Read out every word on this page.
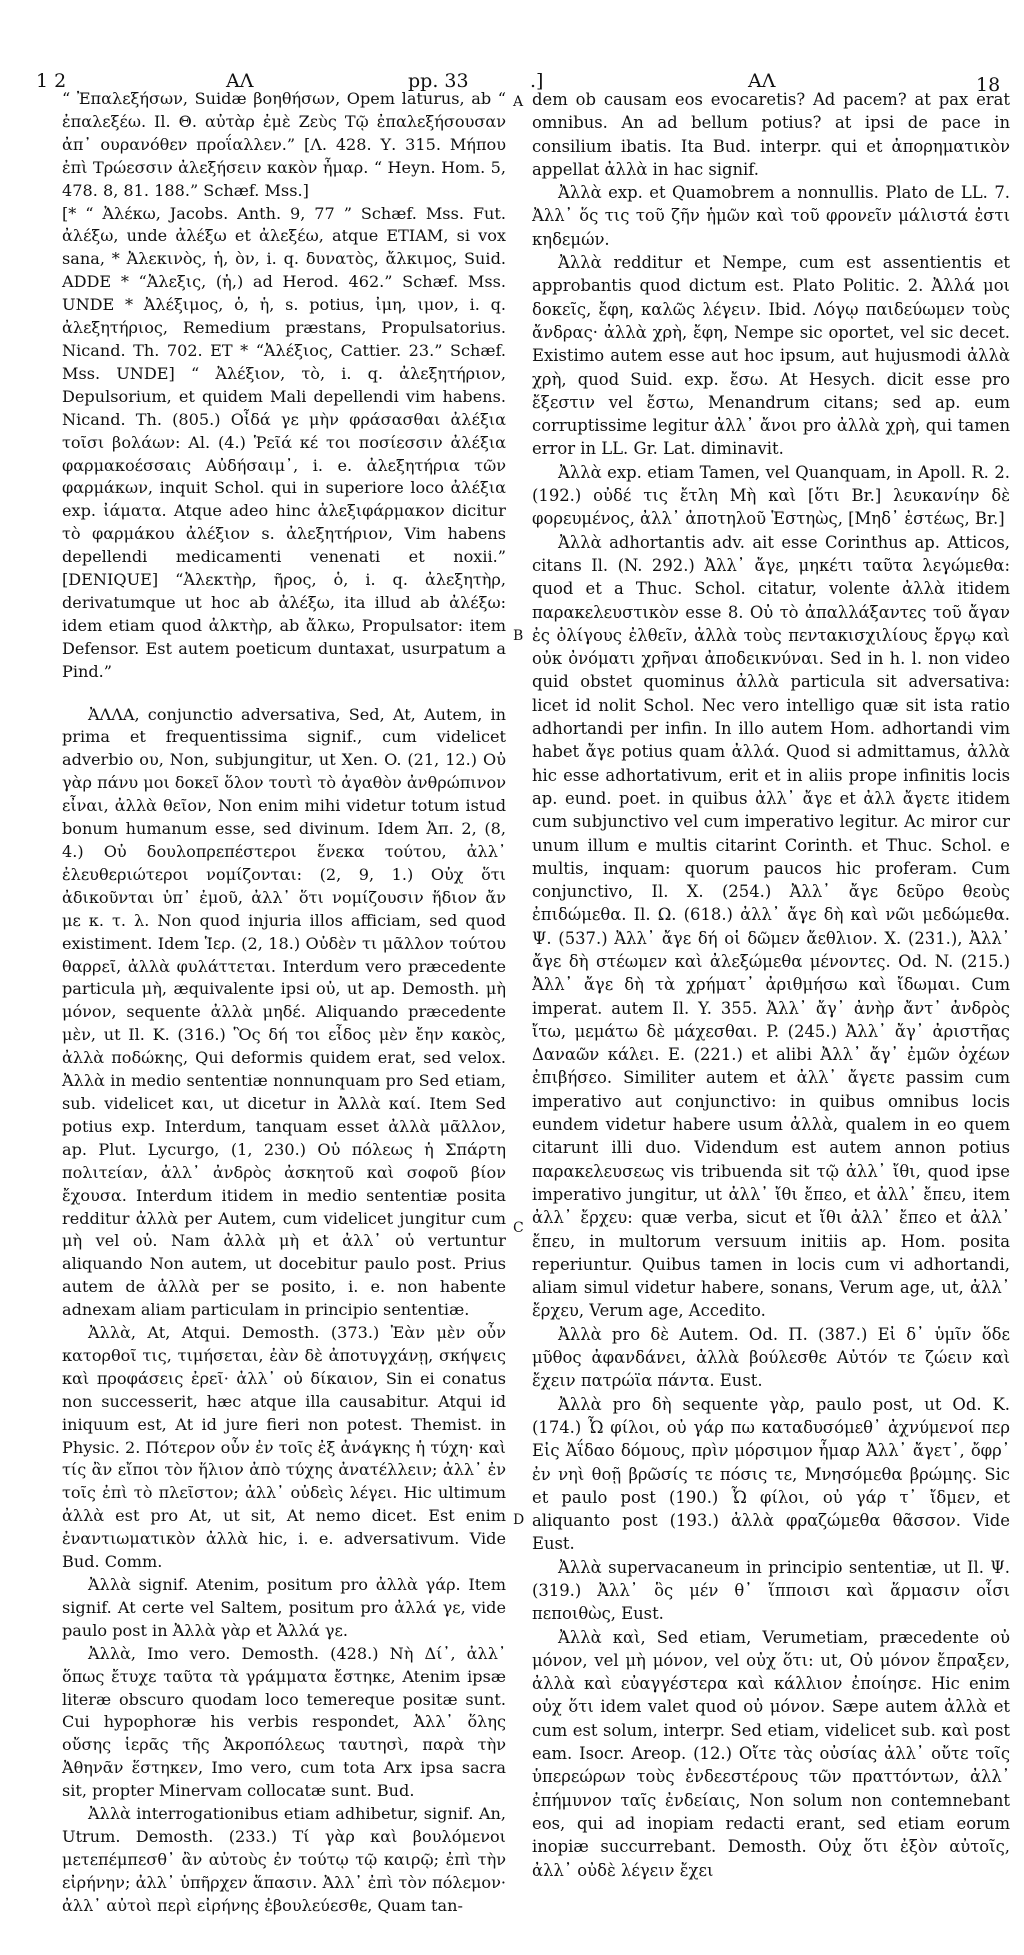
1 2	ΑΛ	pp. 33	.]	ΑΛ	18
A
B
C
D

“ Ἐπαλεξήσων, Suidæ βοηθήσων, Opem laturus, ab “ ἐπαλεξέω. Il. Θ. αὐτὰρ ἐμὲ Ζεὺς Τῷ ἐπαλεξήσουσαν ἀπ᾿ ουρανόθεν προΐαλλεν.” [Λ. 428. Υ. 315. Μήπου ἐπὶ Τρώεσσιν ἀλεξήσειν κακὸν ἦμαρ. “ Heyn. Hom. 5, 478. 8, 81. 188.” Schæf. Mss.]

[* “ Ἀλέκω, Jacobs. Anth. 9, 77 ” Schæf. Mss. Fut. ἀλέξω, unde ἀλέξω et ἀλεξέω, atque ETIAM, si vox sana, * Ἀλεκινὸς, ἡ, ὸν, i. q. δυνατὸς, ἄλκιμος, Suid. ADDE * “Ἀλεξις, (ἡ,) ad Herod. 462.” Schæf. Mss. UNDE * Ἀλέξιμος, ὁ, ἡ, s. potius, ἰμη, ιμον, i. q. ἀλεξητήριος, Remedium præstans, Propulsatorius. Nicand. Th. 702. ET * “Ἀλέξιος, Cattier. 23.” Schæf. Mss. UNDE] “ Ἀλέξιον, τὸ, i. q. ἀλεξητήριον, Depulsorium, et quidem Mali depellendi vim habens. Nicand. Th. (805.) Οἶδά γε μὴν φράσασθαι ἀλέξια τοῖσι βολάων: Al. (4.) Ῥεῖά κέ τοι ποσίεσσιν ἀλέξια φαρμακοέσσαις Αὐδήσαιμ᾿, i. e. ἀλεξητήρια τῶν φαρμάκων, inquit Schol. qui in superiore loco ἀλέξια exp. ἰάματα. Atque adeo hinc ἀλεξιφάρμακον dicitur τὸ φαρμάκου ἀλέξιον s. ἀλεξητήριον, Vim habens depellendi medicamenti venenati et noxii.” [DENIQUE] “Ἀλεκτὴρ, ῆρος, ὁ, i. q. ἀλεξητὴρ, derivatumque ut hoc ab ἀλέξω, ita illud ab ἀλέξω: idem etiam quod ἀλκτὴρ, ab ἄλκω, Propulsator: item Defensor. Est autem poeticum duntaxat, usurpatum a Pind.”

ἈΛΛΑ, conjunctio adversativa, Sed, At, Autem, in prima et frequentissima signif., cum videlicet adverbio ου, Non, subjungitur, ut Xen. O. (21, 12.) Οὐ γὰρ πάνυ μοι δοκεῖ ὅλον τουτὶ τὸ ἀγαθὸν ἀνθρώπινον εἶναι, ἀλλὰ θεῖον, Non enim mihi videtur totum istud bonum humanum esse, sed divinum. Idem Ἀπ. 2, (8, 4.) Οὐ δουλοπρεπέστεροι ἕνεκα τούτου, ἀλλ᾿ ἐλευθεριώτεροι νομίζονται: (2, 9, 1.) Οὐχ ὅτι ἀδικοῦνται ὑπ᾿ ἐμοῦ, ἀλλ᾿ ὅτι νομίζουσιν ἥδιον ἄν με κ. τ. λ. Non quod injuria illos afficiam, sed quod existiment. Idem Ἱερ. (2, 18.) Οὐδὲν τι μᾶλλον τούτου θαρρεῖ, ἀλλὰ φυλάττεται. Interdum vero præcedente particula μὴ, æquivalente ipsi οὐ, ut ap. Demosth. μὴ μόνον, sequente ἀλλὰ μηδέ. Aliquando præcedente μὲν, ut Il. K. (316.) Ὃς δή τοι εἶδος μὲν ἔην κακὸς, ἀλλὰ ποδώκης, Qui deformis quidem erat, sed velox. Ἀλλὰ in medio sententiæ nonnunquam pro Sed etiam, sub. videlicet και, ut dicetur in Ἀλλὰ καί. Item Sed potius exp. Interdum, tanquam esset ἀλλὰ μᾶλλον, ap. Plut. Lycurgo, (1, 230.) Οὐ πόλεως ἡ Σπάρτη πολιτείαν, ἀλλ᾿ ἀνδρὸς ἀσκητοῦ καὶ σοφοῦ βίον ἔχουσα. Interdum itidem in medio sententiæ posita redditur ἀλλὰ per Autem, cum videlicet jungitur cum μὴ vel οὐ. Nam ἀλλὰ μὴ et ἀλλ᾿ οὐ vertuntur aliquando Non autem, ut docebitur paulo post. Prius autem de ἀλλὰ per se posito, i. e. non habente adnexam aliam particulam in principio sententiæ.

Ἀλλὰ, At, Atqui. Demosth. (373.) Ἐὰν μὲν οὖν κατορθοῖ τις, τιμήσεται, ἐὰν δὲ ἀποτυγχάνῃ, σκήψεις καὶ προφάσεις ἐρεῖ· ἀλλ᾿ οὐ δίκαιον, Sin ei conatus non successerit, hæc atque illa causabitur. Atqui id iniquum est, At id jure fieri non potest. Themist. in Physic. 2. Πότερον οὖν ἐν τοῖς ἐξ ἀνάγκης ἡ τύχη· καὶ τίς ἂν εἴποι τὸν ἥλιον ἀπὸ τύχης ἀνατέλλειν; ἀλλ᾿ ἐν τοῖς ἐπὶ τὸ πλεῖστον; ἀλλ᾿ οὐδεὶς λέγει. Hic ultimum ἀλλὰ est pro At, ut sit, At nemo dicet. Est enim ἐναντιωματικὸν ἀλλὰ hic, i. e. adversativum. Vide Bud. Comm.

Ἀλλὰ signif. Atenim, positum pro ἀλλὰ γάρ. Item signif. At certe vel Saltem, positum pro ἀλλά γε, vide paulo post in Ἀλλὰ γὰρ et Ἀλλά γε.

Ἀλλὰ, Imo vero. Demosth. (428.) Νὴ Δί᾿, ἀλλ᾿ ὅπως ἔτυχε ταῦτα τὰ γράμματα ἔστηκε, Atenim ipsæ literæ obscuro quodam loco temereque positæ sunt. Cui hypophoræ his verbis respondet, Ἀλλ᾿ ὅλης οὔσης ἱερᾶς τῆς Ἀκροπόλεως ταυτησὶ, παρὰ τὴν Ἀθηνᾶν ἕστηκεν, Imo vero, cum tota Arx ipsa sacra sit, propter Minervam collocatæ sunt. Bud.

Ἀλλὰ interrogationibus etiam adhibetur, signif. An, Utrum. Demosth. (233.) Τί γὰρ καὶ βουλόμενοι μετεπέμπεσθ᾿ ἂν αὐτοὺς ἐν τούτῳ τῷ καιρῷ; ἐπὶ τὴν εἰρήνην; ἀλλ᾿ ὑπῆρχεν ἅπασιν. Ἀλλ᾿ ἐπὶ τὸν πόλεμον· ἀλλ᾿ αὐτοὶ περὶ εἰρήνης ἐβουλεύεσθε, Quam tan-

dem ob causam eos evocaretis? Ad pacem? at pax erat omnibus. An ad bellum potius? at ipsi de pace in consilium ibatis. Ita Bud. interpr. qui et ἀπορηματικὸν appellat ἀλλὰ in hac signif.

Ἀλλὰ exp. et Quamobrem a nonnullis. Plato de LL. 7. Ἀλλ᾿ ὅς τις τοῦ ζῆν ἡμῶν καὶ τοῦ φρονεῖν μάλιστά ἐστι κηδεμών.

Ἀλλὰ redditur et Nempe, cum est assentientis et approbantis quod dictum est. Plato Politic. 2. Ἀλλά μοι δοκεῖς, ἔφη, καλῶς λέγειν. Ibid. Λόγῳ παιδεύωμεν τοὺς ἄνδρας· ἀλλὰ χρὴ, ἔφη, Nempe sic oportet, vel sic decet. Existimo autem esse aut hoc ipsum, aut hujusmodi ἀλλὰ χρὴ, quod Suid. exp. ἔσω. At Hesych. dicit esse pro ἔξεστιν vel ἔστω, Menandrum citans; sed ap. eum corruptissime legitur ἀλλ᾿ ἄνοι pro ἀλλὰ χρὴ, qui tamen error in LL. Gr. Lat. diminavit.

Ἀλλὰ exp. etiam Tamen, vel Quanquam, in Apoll. R. 2. (192.) οὐδέ τις ἔτλη Μὴ καὶ [ὅτι Br.] λευκανίην δὲ φορευμένος, ἀλλ᾿ ἀποτηλοῦ Ἑστηὼς, [Μηδ᾿ ἑστέως, Br.]

Ἀλλὰ adhortantis adv. ait esse Corinthus ap. Atticos, citans Il. (N. 292.) Ἀλλ᾿ ἄγε, μηκέτι ταῦτα λεγώμεθα: quod et a Thuc. Schol. citatur, volente ἀλλὰ itidem παρακελευστικὸν esse 8. Οὐ τὸ ἀπαλλάξαντες τοῦ ἄγαν ἐς ὀλίγους ἐλθεῖν, ἀλλὰ τοὺς πεντακισχιλίους ἔργῳ καὶ οὐκ ὀνόματι χρῆναι ἀποδεικνύναι. Sed in h. l. non video quid obstet quominus ἀλλὰ particula sit adversativa: licet id nolit Schol. Nec vero intelligo quæ sit ista ratio adhortandi per infin. In illo autem Hom. adhortandi vim habet ἄγε potius quam ἀλλά. Quod si admittamus, ἀλλὰ hic esse adhortativum, erit et in aliis prope infinitis locis ap. eund. poet. in quibus ἀλλ᾿ ἄγε et ἀλλ ἄγετε itidem cum subjunctivo vel cum imperativo legitur. Ac miror cur unum illum e multis citarint Corinth. et Thuc. Schol. e multis, inquam: quorum paucos hic proferam. Cum conjunctivo, Il. X. (254.) Ἀλλ᾿ ἄγε δεῦρο θεοὺς ἐπιδώμεθα. Il. Ω. (618.) ἀλλ᾿ ἄγε δὴ καὶ νῶι μεδώμεθα. Ψ. (537.) Ἀλλ᾿ ἄγε δή οἱ δῶμεν ἄεθλιον. X. (231.), Ἀλλ᾿ ἄγε δὴ στέωμεν καὶ ἀλεξώμεθα μένοντες. Od. N. (215.) Ἀλλ᾿ ἄγε δὴ τὰ χρήματ᾿ ἀριθμήσω καὶ ἴδωμαι. Cum imperat. autem Il. Y. 355. Ἀλλ᾿ ἄγ᾿ ἀνὴρ ἄντ᾿ ἀνδρὸς ἴτω, μεμάτω δὲ μάχεσθαι. P. (245.) Ἀλλ᾿ ἄγ᾿ ἀριστῆας Δαναῶν κάλει. E. (221.) et alibi Ἀλλ᾿ ἄγ᾿ ἐμῶν ὀχέων ἐπιβήσεο. Similiter autem et ἀλλ᾿ ἄγετε passim cum imperativo aut conjunctivo: in quibus omnibus locis eundem videtur habere usum ἀλλὰ, qualem in eo quem citarunt illi duo. Videndum est autem annon potius παρακελευσεως vis tribuenda sit τῷ ἀλλ᾿ ἴθι, quod ipse imperativo jungitur, ut ἀλλ᾿ ἴθι ἔπεο, et ἀλλ᾿ ἔπευ, item ἀλλ᾿ ἔρχευ: quæ verba, sicut et ἴθι ἀλλ᾿ ἔπεο et ἀλλ᾿ ἔπευ, in multorum versuum initiis ap. Hom. posita reperiuntur. Quibus tamen in locis cum vi adhortandi, aliam simul videtur habere, sonans, Verum age, ut, ἀλλ᾿ ἔρχευ, Verum age, Accedito.

Ἀλλὰ pro δὲ Autem. Od. Π. (387.) Εἰ δ᾿ ὑμῖν ὅδε μῦθος ἀφανδάνει, ἀλλὰ βούλεσθε Αὐτόν τε ζώειν καὶ ἔχειν πατρώϊα πάντα. Eust.

Ἀλλὰ pro δὴ sequente γὰρ, paulo post, ut Od. K. (174.) Ὦ φίλοι, οὐ γάρ πω καταδυσόμεθ᾿ ἀχνύμενοί περ Εἰς Ἀΐδαο δόμους, πρὶν μόρσιμον ἦμαρ Ἀλλ᾿ ἄγετ᾿, ὄφρ᾿ ἐν νηὶ θοῇ βρῶσίς τε πόσις τε, Μνησόμεθα βρώμης. Sic et paulo post (190.) Ὦ φίλοι, οὐ γάρ τ᾿ ἴδμεν, et aliquanto post (193.) ἀλλὰ φραζώμεθα θᾶσσον. Vide Eust.

Ἀλλὰ supervacaneum in principio sententiæ, ut Il. Ψ. (319.) Ἀλλ᾿ ὃς μέν θ᾿ ἵπποισι καὶ ἅρμασιν οἷσι πεποιθὼς, Eust.

Ἀλλὰ καὶ, Sed etiam, Verumetiam, præcedente οὐ μόνον, vel μὴ μόνον, vel οὐχ ὅτι: ut, Οὐ μόνον ἔπραξεν, ἀλλὰ καὶ εὐαγγέστερα καὶ κάλλιον ἐποίησε. Hic enim οὐχ ὅτι idem valet quod οὐ μόνον. Sæpe autem ἀλλὰ et cum est solum, interpr. Sed etiam, videlicet sub. καὶ post eam. Isocr. Areop. (12.) Οἴτε τὰς οὐσίας ἀλλ᾿ οὔτε τοῖς ὑπερεώρων τοὺς ἐνδεεστέρους τῶν πραττόντων, ἀλλ᾿ ἐπήμυνον ταῖς ἐνδείαις, Non solum non contemnebant eos, qui ad inopiam redacti erant, sed etiam eorum inopiæ succurrebant. Demosth. Οὐχ ὅτι ἐξὸν αὐτοῖς, ἀλλ᾿ οὐδὲ λέγειν ἔχει
